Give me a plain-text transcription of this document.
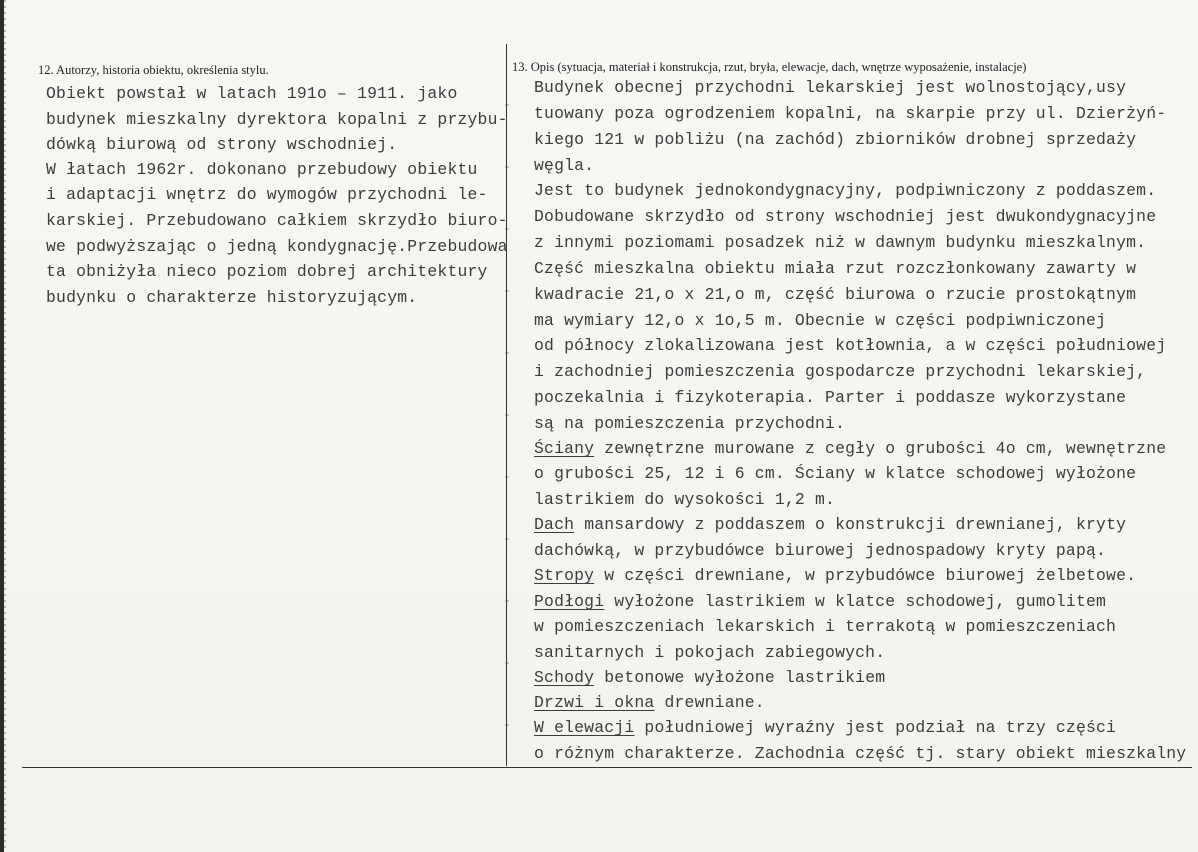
12. Autorzy, historia obiektu, określenia stylu.	13. Opis (sytuacja, materiał i konstrukcja, rzut, bryła, elewacje, dach, wnętrze wyposażenie, instalacje)
Obiekt powstał w latach 191o – 1911. jako
budynek mieszkalny dyrektora kopalni z przybu-
dówką biurową od strony wschodniej.
W łatach 1962r. dokonano przebudowy obiektu
i adaptacji wnętrz do wymogów przychodni le-
karskiej. Przebudowano całkiem skrzydło biuro-
we podwyższając o jedną kondygnację.Przebudowa
ta obniżyła nieco poziom dobrej architektury
budynku o charakterze historyzującym.
Budynek obecnej przychodni lekarskiej jest wolnostojący,usy
tuowany poza ogrodzeniem kopalni, na skarpie przy ul. Dzierżyń-
kiego 121 w pobliżu (na zachód) zbiorników drobnej sprzedaży
węgla.
Jest to budynek jednokondygnacyjny, podpiwniczony z poddaszem.
Dobudowane skrzydło od strony wschodniej jest dwukondygnacyjne
z innymi poziomami posadzek niż w dawnym budynku mieszkalnym.
Część mieszkalna obiektu miała rzut rozczłonkowany zawarty w
kwadracie 21,o x 21,o m, część biurowa o rzucie prostokątnym
ma wymiary 12,o x 1o,5 m. Obecnie w części podpiwniczonej
od północy zlokalizowana jest kotłownia, a w części południowej
i zachodniej pomieszczenia gospodarcze przychodni lekarskiej,
poczekalnia i fizykoterapia. Parter i poddasze wykorzystane
są na pomieszczenia przychodni.
Ściany zewnętrzne murowane z cegły o grubości 4o cm, wewnętrzne
o grubości 25, 12 i 6 cm. Ściany w klatce schodowej wyłożone
lastrikiem do wysokości 1,2 m.
Dach mansardowy z poddaszem o konstrukcji drewnianej, kryty
dachówką, w przybudówce biurowej jednospadowy kryty papą.
Stropy w części drewniane, w przybudówce biurowej żelbetowe.
Podłogi wyłożone lastrikiem w klatce schodowej, gumolitem
w pomieszczeniach lekarskich i terrakotą w pomieszczeniach
sanitarnych i pokojach zabiegowych.
Schody betonowe wyłożone lastrikiem
Drzwi i okna drewniane.
W elewacji południowej wyraźny jest podział na trzy części
o różnym charakterze. Zachodnia część tj. stary obiekt mieszkalny
